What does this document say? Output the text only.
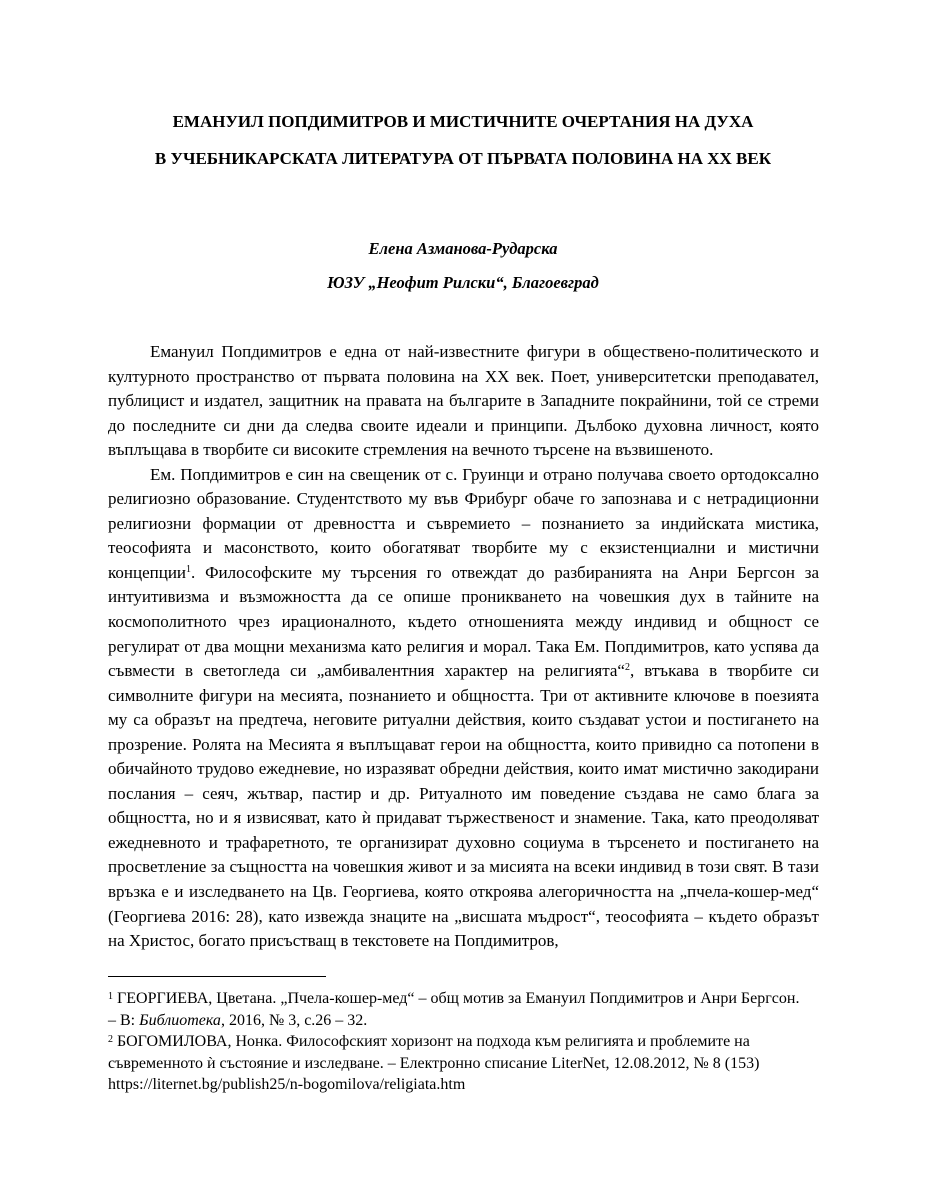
ЕМАНУИЛ ПОПДИМИТРОВ И МИСТИЧНИТЕ ОЧЕРТАНИЯ НА ДУХА
В УЧЕБНИКАРСКАТА ЛИТЕРАТУРА ОТ ПЪРВАТА ПОЛОВИНА НА XX ВЕК
Елена Азманова-Рударска
ЮЗУ „Неофит Рилски“, Благоевград

Емануил Попдимитров е една от най-известните фигури в обществено-политическото и културното пространство от първата половина на XX век. Поет, университетски преподавател, публицист и издател, защитник на правата на българите в Западните покрайнини, той се стреми до последните си дни да следва своите идеали и принципи. Дълбоко духовна личност, която въплъщава в творбите си високите стремления на вечното търсене на възвишеното.

Ем. Попдимитров е син на свещеник от с. Груинци и отрано получава своето ортодоксално религиозно образование. Студентството му във Фрибург обаче го запознава и с нетрадиционни религиозни формации от древността и съвремието – познанието за индийската мистика, теософията и масонството, които обогатяват творбите му с екзистенциални и мистични концепции$^1$. Философските му търсения го отвеждат до разбиранията на Анри Бергсон за интуитивизма и възможността да се опише проникването на човешкия дух в тайните на космополитното чрез ирационалното, където отношенията между индивид и общност се регулират от два мощни механизма като религия и морал. Така Ем. Попдимитров, като успява да съвмести в светогледа си „амбивалентния характер на религията“$^2$, втъкава в творбите си символните фигури на месията, познанието и общността. Три от активните ключове в поезията му са образът на предтеча, неговите ритуални действия, които създават устои и постигането на прозрение. Ролята на Месията я въплъщават герои на общността, които привидно са потопени в обичайното трудово ежедневие, но изразяват обредни действия, които имат мистично закодирани послания – сеяч, жътвар, пастир и др. Ритуалното им поведение създава не само блага за общността, но и я извисяват, като ѝ придават тържественост и знамение. Така, като преодоляват ежедневното и трафаретното, те организират духовно социума в търсенето и постигането на просветление за същността на човешкия живот и за мисията на всеки индивид в този свят. В тази връзка е и изследването на Цв. Георгиева, която откроява алегоричността на „пчела-кошер-мед“ (Георгиева 2016: 28), като извежда знаците на „висшата мъдрост“, теософията – където образът на Христос, богато присъстващ в текстовете на Попдимитров,

$^1$ ГЕОРГИЕВА, Цветана. „Пчела-кошер-мед“ – общ мотив за Емануил Попдимитров и Анри Бергсон. – В: Библиотека, 2016, № 3, с.26 – 32.

$^2$ БОГОМИЛОВА, Нонка. Философският хоризонт на подхода към религията и проблемите на съвременното ѝ състояние и изследване. – Електронно списание LiterNet, 12.08.2012, № 8 (153) https://liternet.bg/publish25/n-bogomilova/religiata.htm
